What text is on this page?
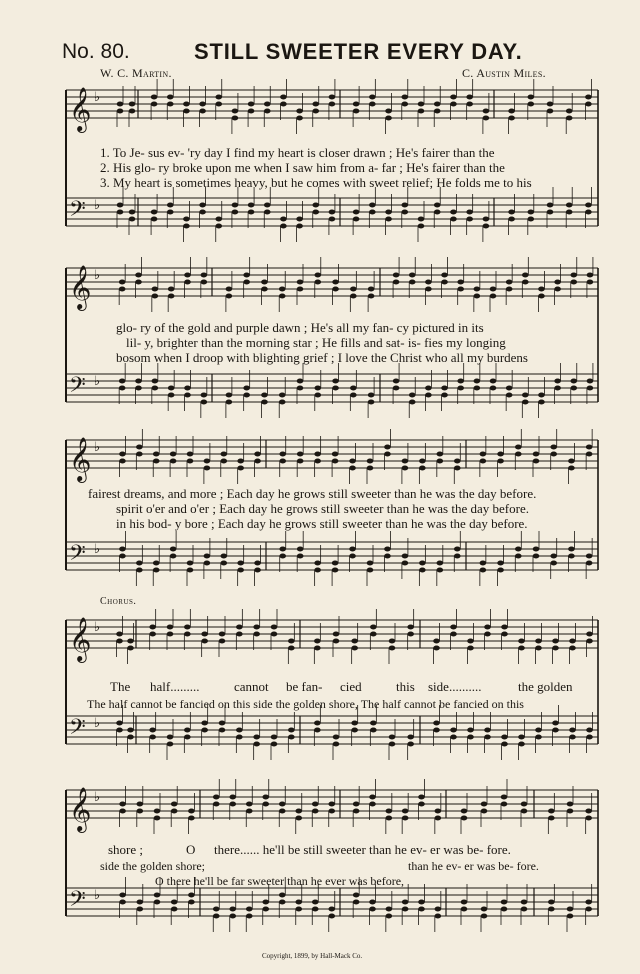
No. 80.	STILL SWEETER EVERY DAY.
W. C. Martin.	C. Austin Miles.
𝄞 ♭
𝄢 ♭
𝄞 ♭
𝄢 ♭
𝄞 ♭
𝄢 ♭
𝄞 ♭
𝄢 ♭
𝄞 ♭
𝄢 ♭
1. To Je- sus ev- 'ry day I find my heart is closer drawn ; He's fairer than the
2. His glo- ry broke upon me when I saw him from a- far ; He's fairer than the
3. My heart is sometimes heavy, but he comes with sweet relief; He folds me to his
glo- ry of the gold and purple dawn ; He's all my fan- cy pictured in its
lil- y, brighter than the morning star ; He fills and sat- is- fies my longing
bosom when I droop with blighting grief ; I love the Christ who all my burdens
fairest dreams, and more ; Each day he grows still sweeter than he was the day before.
spirit o'er and o'er ; Each day he grows still sweeter than he was the day before.
in his bod- y bore ; Each day he grows still sweeter than he was the day before.
Chorus.
The half.........	cannot be fan- cied	this side..........	the golden
The half cannot be fancied on this side the golden shore, The half cannot be fancied on this
shore ;	O there...... he'll be still sweeter than he ev- er was be- fore.
side the golden shore;	than he ev- er was be- fore.
O there he'll be far sweeter than he ever was before,
Copyright, 1899, by Hall-Mack Co.
